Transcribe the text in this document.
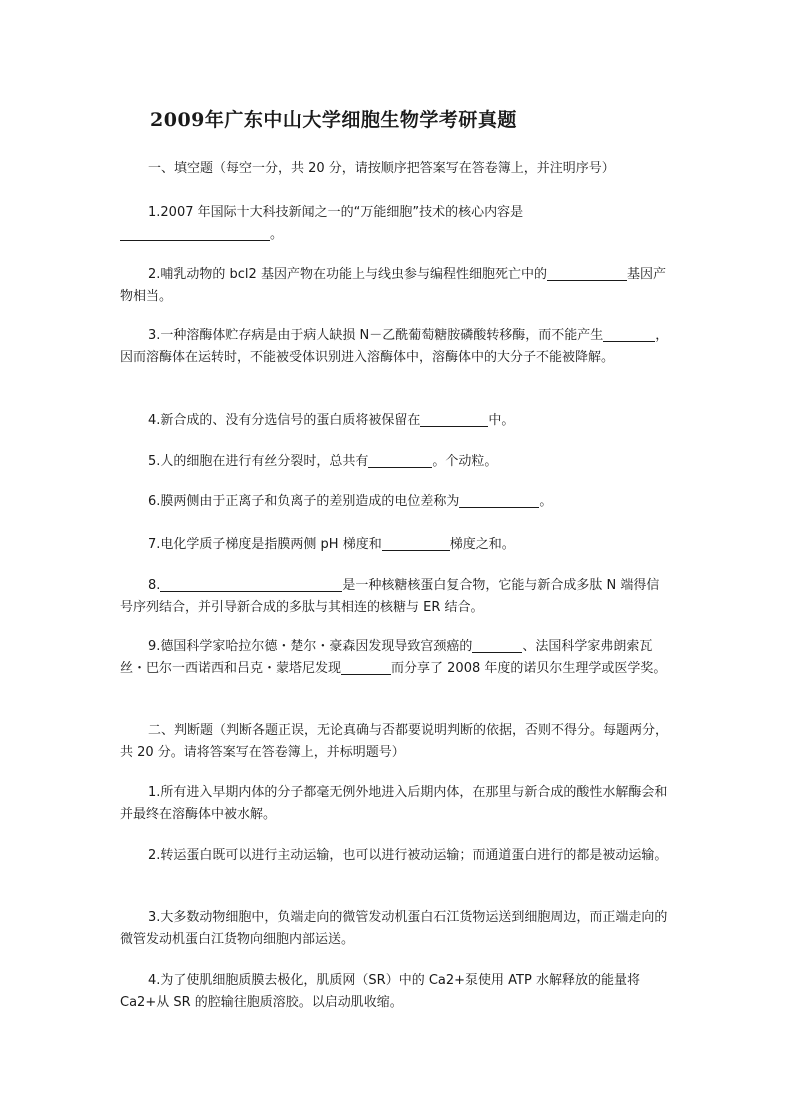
2009年广东中山大学细胞生物学考研真题

一、填空题（每空一分，共 20 分，请按顺序把答案写在答卷簿上，并注明序号）

1.2007 年国际十大科技新闻之一的“万能细胞”技术的核心内容是
。

2.哺乳动物的 bcl2 基因产物在功能上与线虫参与编程性细胞死亡中的	基因产物相当。

3.一种溶酶体贮存病是由于病人缺损 N－乙酰葡萄糖胺磷酸转移酶，而不能产生	，因而溶酶体在运转时，不能被受体识别进入溶酶体中，溶酶体中的大分子不能被降解。

4.新合成的、没有分选信号的蛋白质将被保留在	中。

5.人的细胞在进行有丝分裂时，总共有	。个动粒。

6.膜两侧由于正离子和负离子的差别造成的电位差称为	。

7.电化学质子梯度是指膜两侧 pH 梯度和	梯度之和。

8.	是一种核糖核蛋白复合物，它能与新合成多肽 N 端得信号序列结合，并引导新合成的多肽与其相连的核糖与 ER 结合。

9.德国科学家哈拉尔德・楚尔・豪森因发现导致宫颈癌的	、法国科学家弗朗索瓦丝・巴尔一西诺西和吕克・蒙塔尼发现	而分享了 2008 年度的诺贝尔生理学或医学奖。

二、判断题（判断各题正误，无论真确与否都要说明判断的依据，否则不得分。每题两分，共 20 分。请将答案写在答卷簿上，并标明题号）

1.所有进入早期内体的分子都毫无例外地进入后期内体，在那里与新合成的酸性水解酶会和并最终在溶酶体中被水解。

2.转运蛋白既可以进行主动运输，也可以进行被动运输；而通道蛋白进行的都是被动运输。

3.大多数动物细胞中，负端走向的微管发动机蛋白石江货物运送到细胞周边，而正端走向的微管发动机蛋白江货物向细胞内部运送。

4.为了使肌细胞质膜去极化，肌质网（SR）中的 Ca2+泵使用 ATP 水解释放的能量将 Ca2+从 SR 的腔输往胞质溶胶。以启动肌收缩。
